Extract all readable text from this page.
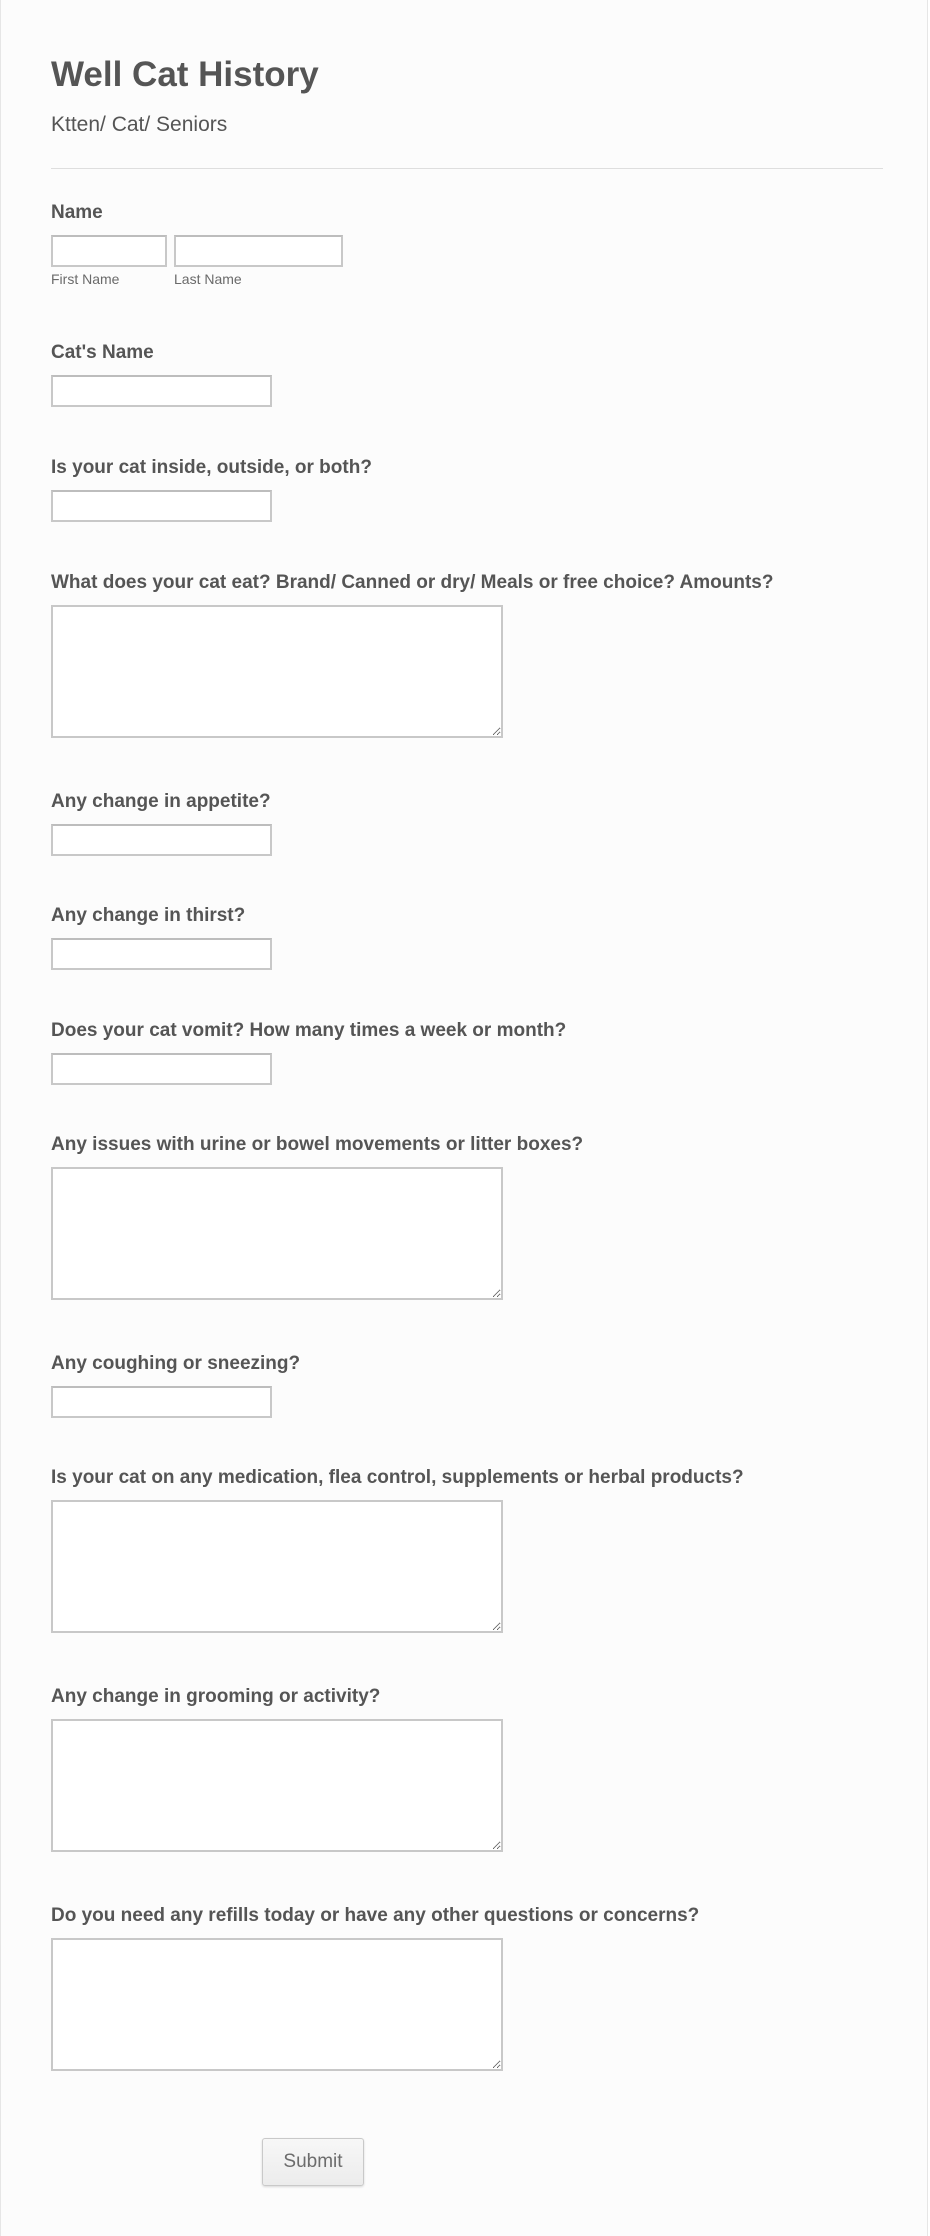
Well Cat History
Ktten/ Cat/ Seniors
Name
First Name	Last Name
Cat's Name
Is your cat inside, outside, or both?
What does your cat eat? Brand/ Canned or dry/ Meals or free choice? Amounts?
Any change in appetite?
Any change in thirst?
Does your cat vomit? How many times a week or month?
Any issues with urine or bowel movements or litter boxes?
Any coughing or sneezing?
Is your cat on any medication, flea control, supplements or herbal products?
Any change in grooming or activity?
Do you need any refills today or have any other questions or concerns?
Submit
